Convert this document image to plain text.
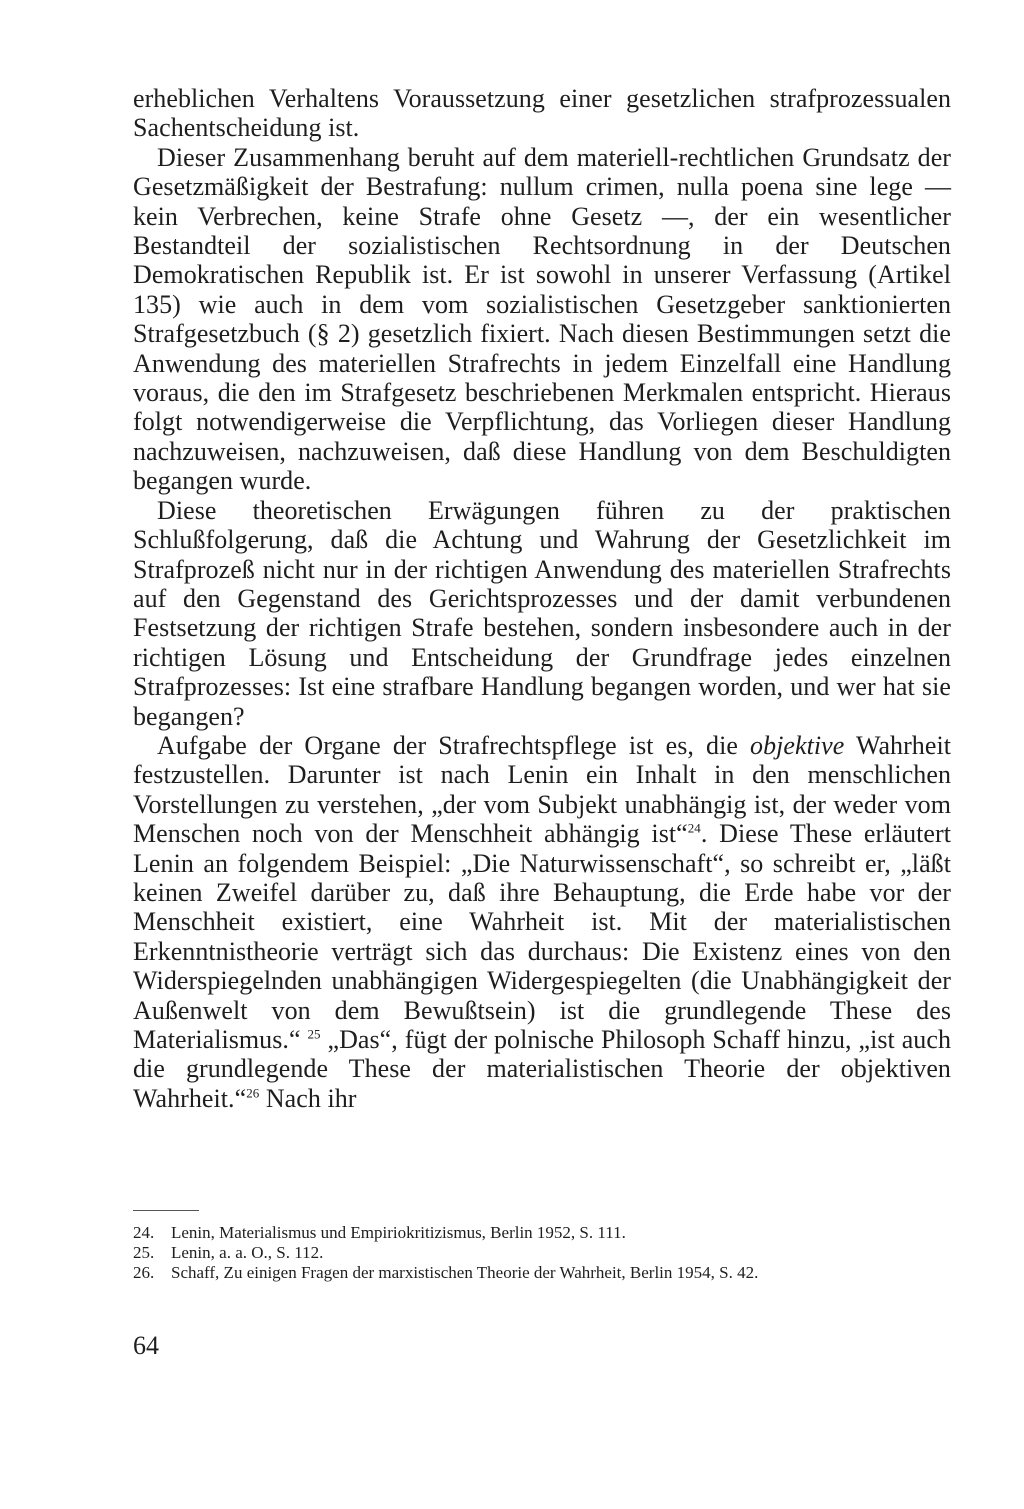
erheblichen Verhaltens Voraussetzung einer gesetzlichen strafprozessualen Sachentscheidung ist.

Dieser Zusammenhang beruht auf dem materiell-rechtlichen Grundsatz der Gesetzmäßigkeit der Bestrafung: nullum crimen, nulla poena sine lege — kein Verbrechen, keine Strafe ohne Gesetz —, der ein wesentlicher Bestandteil der sozialistischen Rechtsordnung in der Deutschen Demokratischen Republik ist. Er ist sowohl in unserer Verfassung (Artikel 135) wie auch in dem vom sozialistischen Gesetzgeber sanktionierten Strafgesetzbuch (§ 2) gesetzlich fixiert. Nach diesen Bestimmungen setzt die Anwendung des materiellen Strafrechts in jedem Einzelfall eine Handlung voraus, die den im Strafgesetz beschriebenen Merkmalen entspricht. Hieraus folgt notwendigerweise die Verpflichtung, das Vorliegen dieser Handlung nachzuweisen, nachzuweisen, daß diese Handlung von dem Beschuldigten begangen wurde.

Diese theoretischen Erwägungen führen zu der praktischen Schlußfolgerung, daß die Achtung und Wahrung der Gesetzlichkeit im Strafprozeß nicht nur in der richtigen Anwendung des materiellen Strafrechts auf den Gegenstand des Gerichtsprozesses und der damit verbundenen Festsetzung der richtigen Strafe bestehen, sondern insbesondere auch in der richtigen Lösung und Entscheidung der Grundfrage jedes einzelnen Strafprozesses: Ist eine strafbare Handlung begangen worden, und wer hat sie begangen?

Aufgabe der Organe der Strafrechtspflege ist es, die objektive Wahrheit festzustellen. Darunter ist nach Lenin ein Inhalt in den menschlichen Vorstellungen zu verstehen, „der vom Subjekt unabhängig ist, der weder vom Menschen noch von der Menschheit abhängig ist“$^{24}$. Diese These erläutert Lenin an folgendem Beispiel: „Die Naturwissenschaft“, so schreibt er, „läßt keinen Zweifel darüber zu, daß ihre Behauptung, die Erde habe vor der Menschheit existiert, eine Wahrheit ist. Mit der materialistischen Erkenntnistheorie verträgt sich das durchaus: Die Existenz eines von den Widerspiegelnden unabhängigen Widergespiegelten (die Unabhängigkeit der Außenwelt von dem Bewußtsein) ist die grundlegende These des Materialismus.“ $^{25}$ „Das“, fügt der polnische Philosoph Schaff hinzu, „ist auch die grundlegende These der materialistischen Theorie der objektiven Wahrheit.“$^{26}$ Nach ihr

24. Lenin, Materialismus und Empiriokritizismus, Berlin 1952, S. 111.

25. Lenin, a. a. O., S. 112.

26. Schaff, Zu einigen Fragen der marxistischen Theorie der Wahrheit, Berlin 1954, S. 42.

64
